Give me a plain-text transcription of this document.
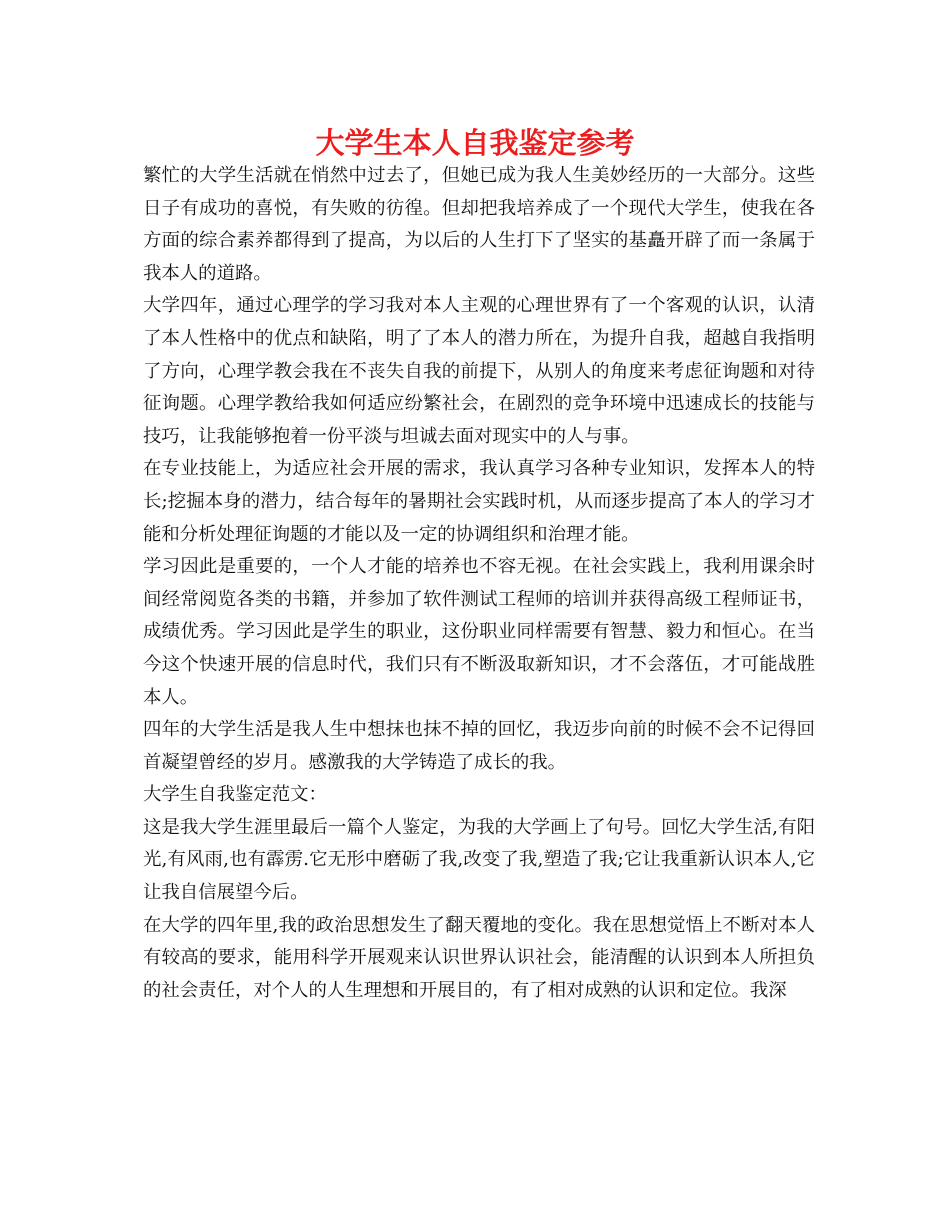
大学生本人自我鉴定参考

繁忙的大学生活就在悄然中过去了，但她已成为我人生美妙经历的一大部分。这些日子有成功的喜悦，有失败的彷徨。但却把我培养成了一个现代大学生，使我在各方面的综合素养都得到了提高，为以后的人生打下了坚实的基矗开辟了而一条属于我本人的道路。

大学四年，通过心理学的学习我对本人主观的心理世界有了一个客观的认识，认清了本人性格中的优点和缺陷，明了了本人的潜力所在，为提升自我，超越自我指明了方向，心理学教会我在不丧失自我的前提下，从别人的角度来考虑征询题和对待征询题。心理学教给我如何适应纷繁社会，在剧烈的竞争环境中迅速成长的技能与技巧，让我能够抱着一份平淡与坦诚去面对现实中的人与事。

在专业技能上，为适应社会开展的需求，我认真学习各种专业知识，发挥本人的特长;挖掘本身的潜力，结合每年的暑期社会实践时机，从而逐步提高了本人的学习才能和分析处理征询题的才能以及一定的协调组织和治理才能。

学习因此是重要的，一个人才能的培养也不容无视。在社会实践上，我利用课余时间经常阅览各类的书籍，并参加了软件测试工程师的培训并获得高级工程师证书，成绩优秀。学习因此是学生的职业，这份职业同样需要有智慧、毅力和恒心。在当今这个快速开展的信息时代，我们只有不断汲取新知识，才不会落伍，才可能战胜本人。

四年的大学生活是我人生中想抹也抹不掉的回忆，我迈步向前的时候不会不记得回首凝望曾经的岁月。感激我的大学铸造了成长的我。

大学生自我鉴定范文：

这是我大学生涯里最后一篇个人鉴定，为我的大学画上了句号。回忆大学生活,有阳光,有风雨,也有霹雳.它无形中磨砺了我,改变了我,塑造了我;它让我重新认识本人,它让我自信展望今后。

在大学的四年里,我的政治思想发生了翻天覆地的变化。我在思想觉悟上不断对本人有较高的要求，能用科学开展观来认识世界认识社会，能清醒的认识到本人所担负的社会责任，对个人的人生理想和开展目的，有了相对成熟的认识和定位。我深
